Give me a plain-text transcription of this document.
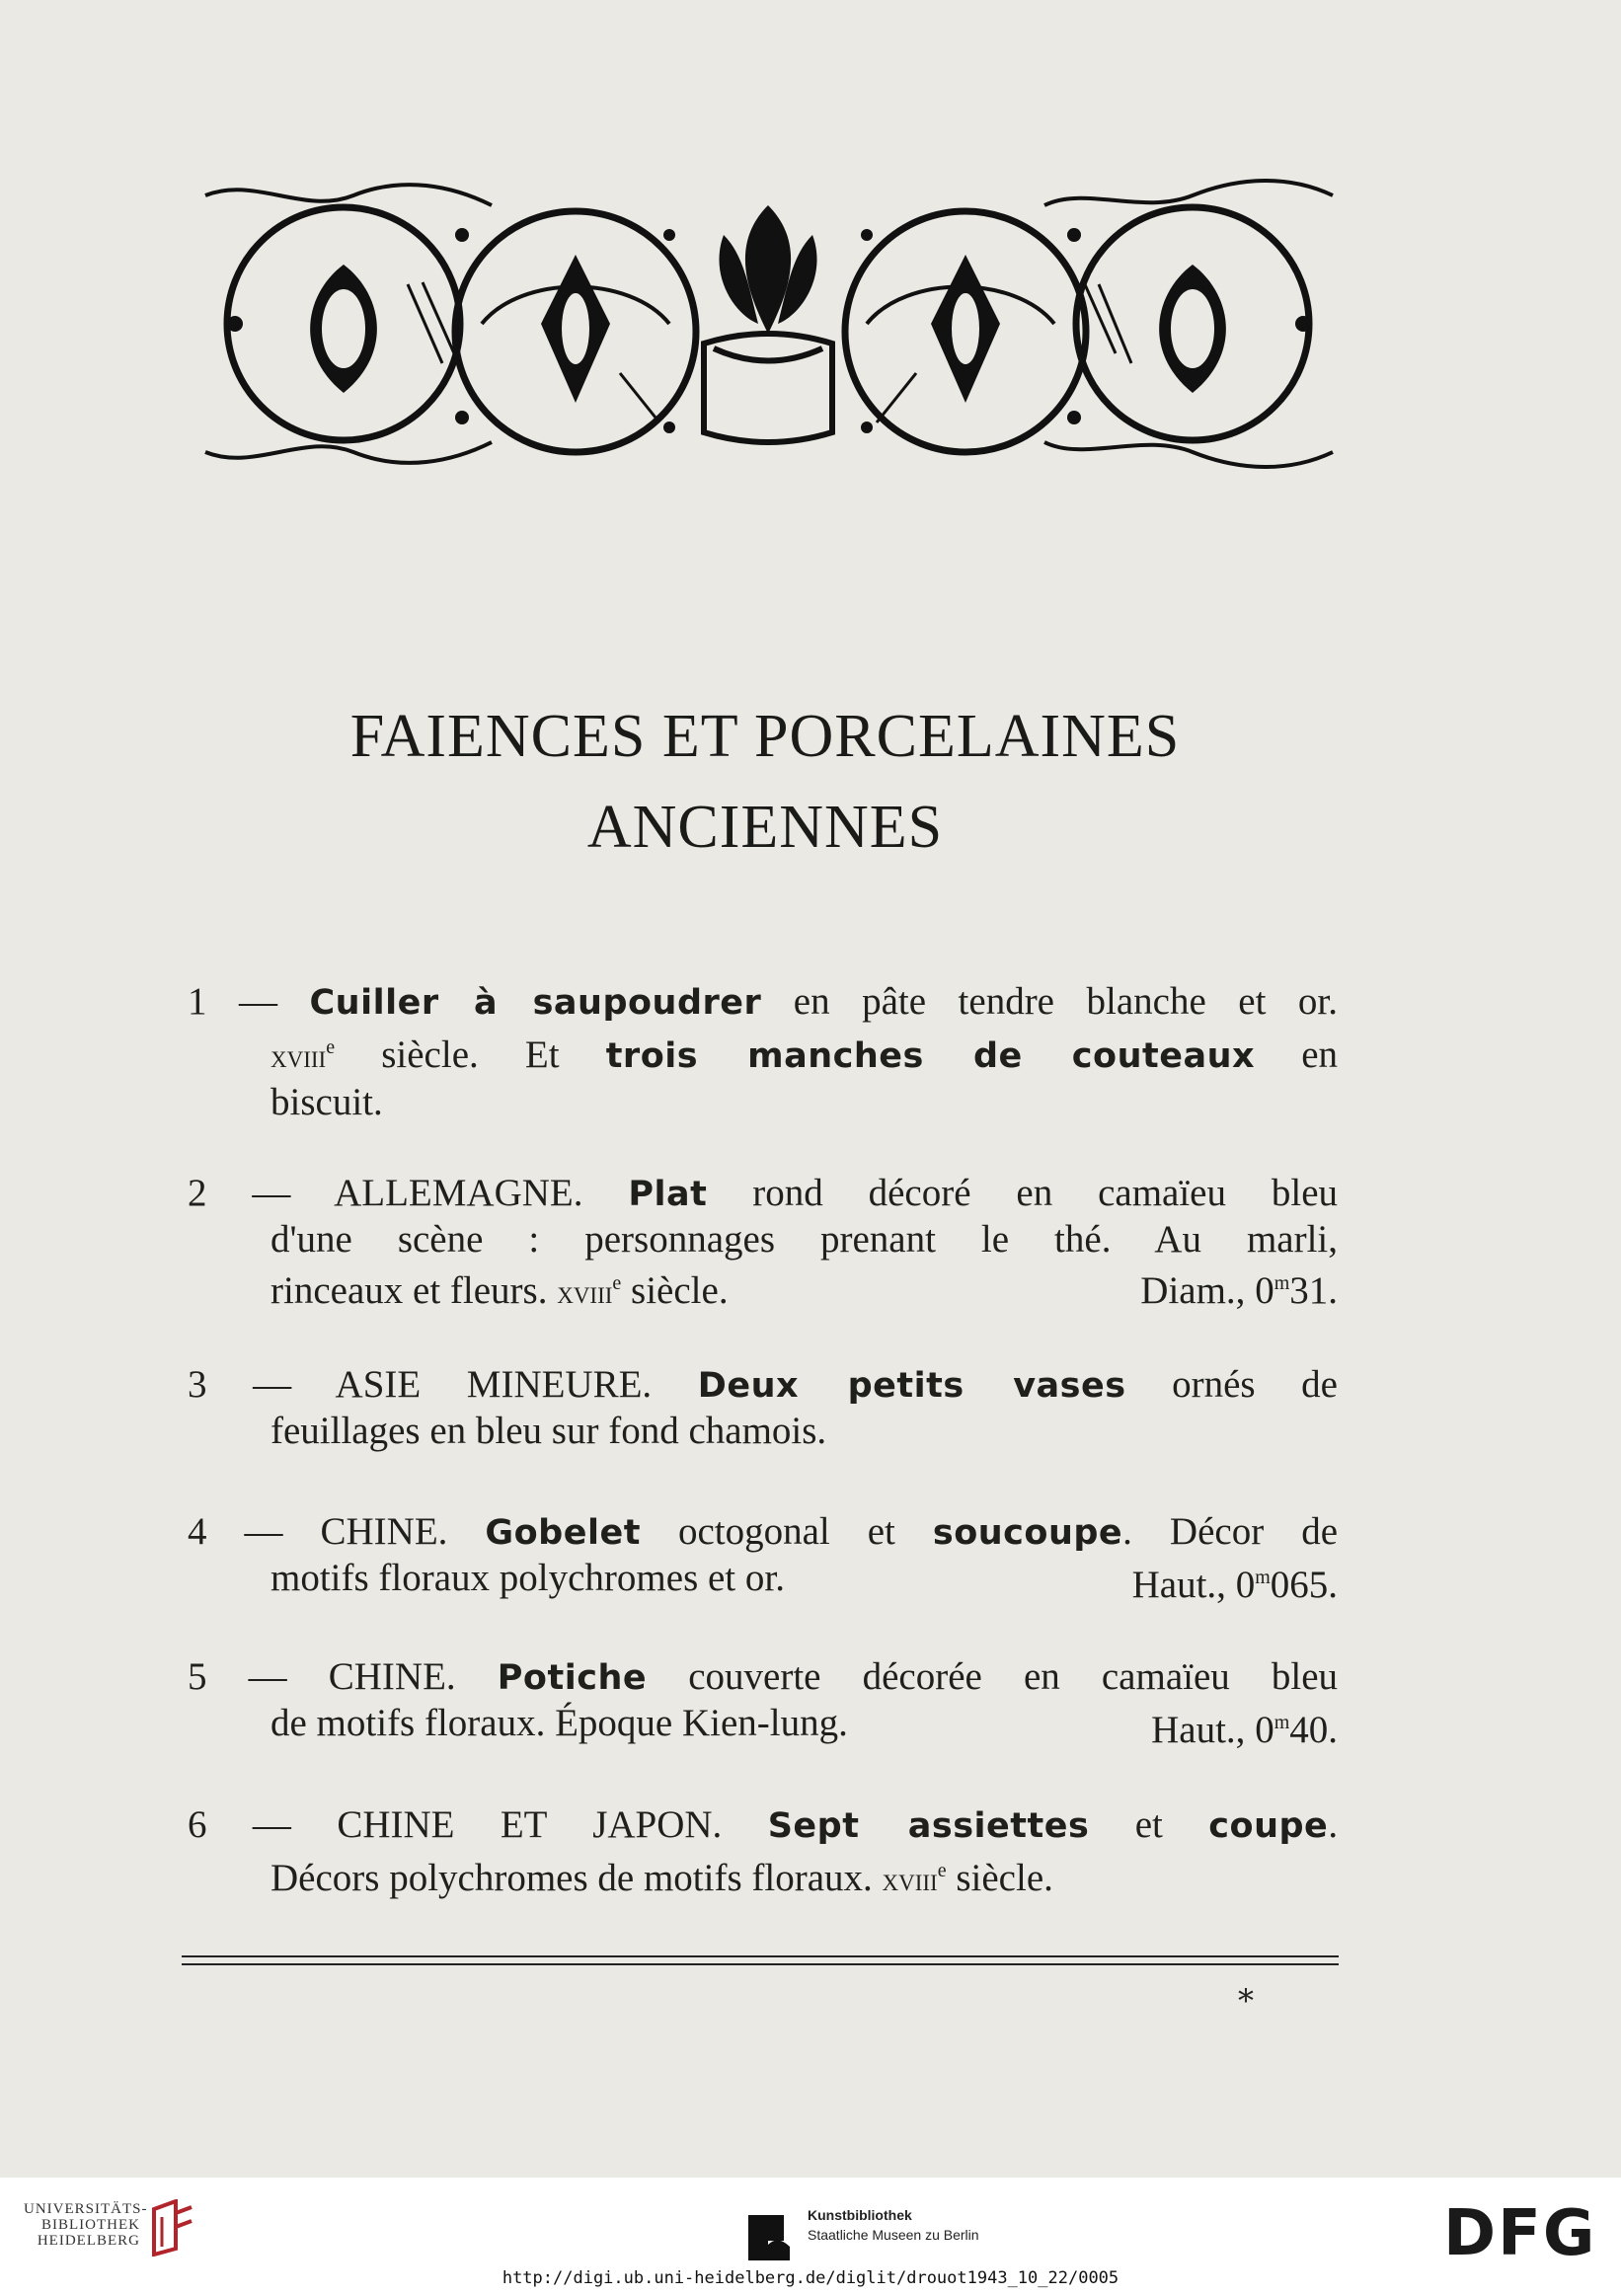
FAIENCES ET PORCELAINES
ANCIENNES
1 — Cuiller à saupoudrer en pâte tendre blanche et or.
xviii$^e$ siècle. Et trois manches de couteaux en
biscuit.
2 — ALLEMAGNE. Plat rond décoré en camaïeu bleu
d'une scène : personnages prenant le thé. Au marli,
rinceaux et fleurs. xviii$^e$ siècle.	Diam., 0$^m$31.
3 — ASIE MINEURE. Deux petits vases ornés de
feuillages en bleu sur fond chamois.
4 — CHINE. Gobelet octogonal et soucoupe. Décor de
motifs floraux polychromes et or.	Haut., 0$^m$065.
5 — CHINE. Potiche couverte décorée en camaïeu bleu
de motifs floraux. Époque Kien-lung.	Haut., 0$^m$40.
6 — CHINE ET JAPON. Sept assiettes et coupe.
Décors polychromes de motifs floraux. xviii$^e$ siècle.
*
UNIVERSITÄTS-
BIBLIOTHEK
HEIDELBERG
Kunstbibliothek
Staatliche Museen zu Berlin	DFG
http://digi.ub.uni-heidelberg.de/diglit/drouot1943_10_22/0005
